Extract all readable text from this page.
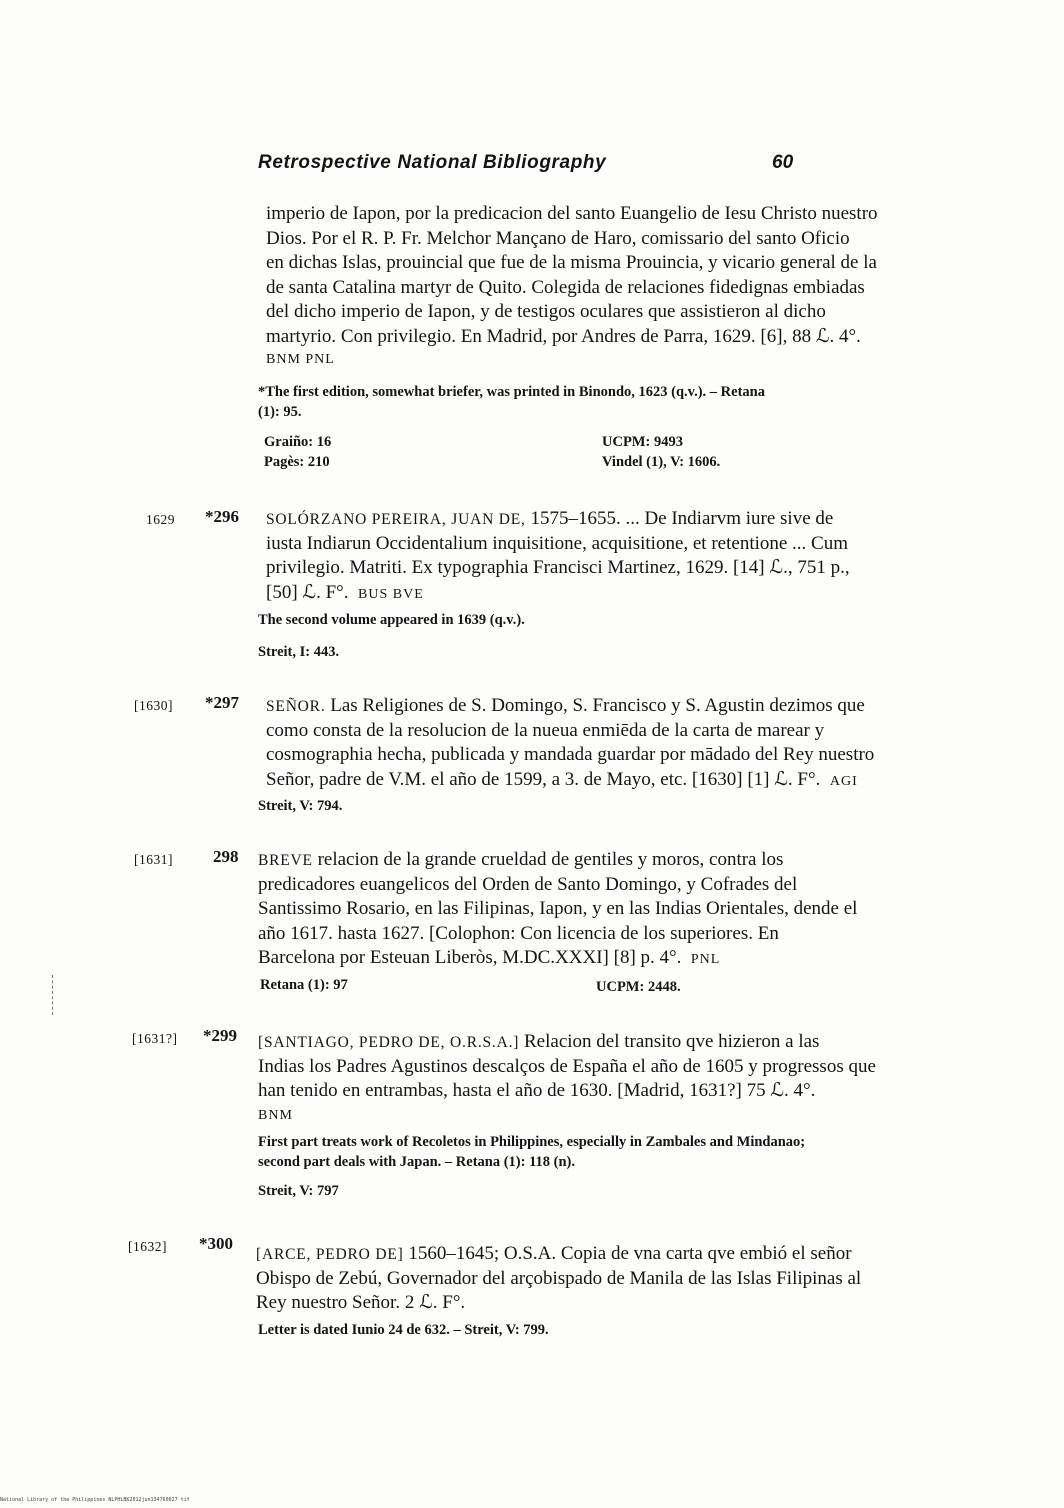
Retrospective National Bibliography	60
imperio de Iapon, por la predicacion del santo Euangelio de Iesu Christo nuestro
Dios. Por el R. P. Fr. Melchor Mançano de Haro, comissario del santo Oficio
en dichas Islas, prouincial que fue de la misma Prouincia, y vicario general de la
de santa Catalina martyr de Quito. Colegida de relaciones fidedignas embiadas
del dicho imperio de Iapon, y de testigos oculares que assistieron al dicho
martyrio. Con privilegio. En Madrid, por Andres de Parra, 1629. [6], 88 ℒ. 4°.
BNM PNL
*The first edition, somewhat briefer, was printed in Binondo, 1623 (q.v.). – Retana
(1): 95.
Graiño: 16
Pagès: 210
UCPM: 9493
Vindel (1), V: 1606.
1629 *296 SOLÓRZANO PEREIRA, JUAN DE, 1575–1655. ... De Indiarvm iure sive de
iusta Indiarun Occidentalium inquisitione, acquisitione, et retentione ... Cum
privilegio. Matriti. Ex typographia Francisci Martinez, 1629. [14] ℒ., 751 p.,
[50] ℒ. F°. BUS BVE
The second volume appeared in 1639 (q.v.).
Streit, I: 443.
[1630] *297 SEÑOR. Las Religiones de S. Domingo, S. Francisco y S. Agustin dezimos que
como consta de la resolucion de la nueua enmiēda de la carta de marear y
cosmographia hecha, publicada y mandada guardar por mādado del Rey nuestro
Señor, padre de V.M. el año de 1599, a 3. de Mayo, etc. [1630] [1] ℒ. F°. AGI
Streit, V: 794.
[1631] 298 BREVE relacion de la grande crueldad de gentiles y moros, contra los
predicadores euangelicos del Orden de Santo Domingo, y Cofrades del
Santissimo Rosario, en las Filipinas, Iapon, y en las Indias Orientales, dende el
año 1617. hasta 1627. [Colophon: Con licencia de los superiores. En
Barcelona por Esteuan Liberòs, M.DC.XXXI] [8] p. 4°. PNL
Retana (1): 97	UCPM: 2448.
[1631?] *299 [SANTIAGO, PEDRO DE, O.R.S.A.] Relacion del transito qve hizieron a las
Indias los Padres Agustinos descalços de España el año de 1605 y progressos que
han tenido en entrambas, hasta el año de 1630. [Madrid, 1631?] 75 ℒ. 4°.
BNM
First part treats work of Recoletos in Philippines, especially in Zambales and Mindanao;
second part deals with Japan. – Retana (1): 118 (n).
Streit, V: 797
[1632] *300
[ARCE, PEDRO DE] 1560–1645; O.S.A. Copia de vna carta qve embió el señor
Obispo de Zebú, Governador del arçobispado de Manila de las Islas Filipinas al
Rey nuestro Señor. 2 ℒ. F°.
Letter is dated Iunio 24 de 632. – Streit, V: 799.
National Library of the Philippines NLPHLBK2012jun134760027 tif
